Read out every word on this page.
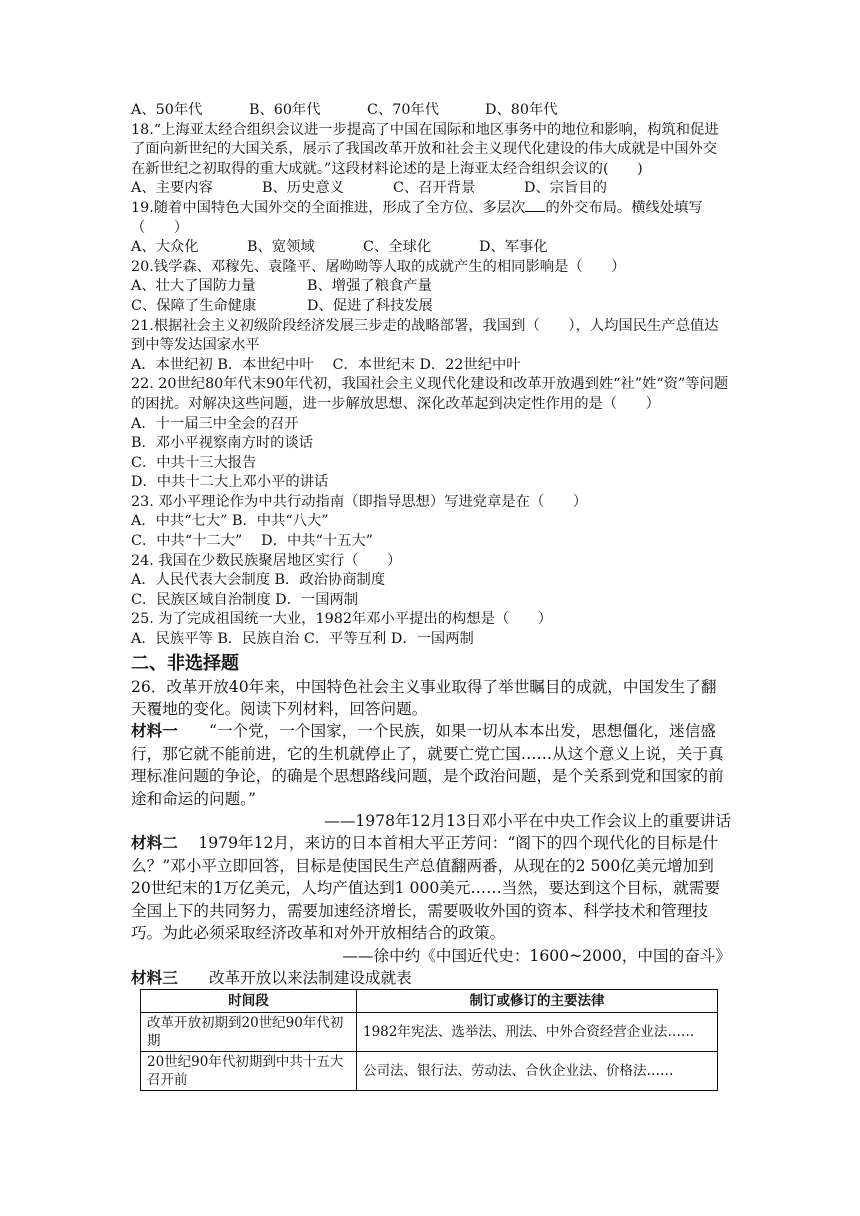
A、50年代	B、60年代	C、70年代	D、80年代
18.“上海亚太经合组织会议进一步提高了中国在国际和地区事务中的地位和影响，构筑和促进了面向新世纪的大国关系，展示了我国改革开放和社会主义现代化建设的伟大成就是中国外交在新世纪之初取得的重大成就。”这段材料论述的是上海亚太经合组织会议的(　　)
A、主要内容	B、历史意义	C、召开背景	D、宗旨目的
19.随着中国特色大国外交的全面推进，形成了全方位、多层次 的外交布局。横线处填写（　　）
A、大众化	B、宽领域	C、全球化	D、军事化
20.钱学森、邓稼先、袁隆平、屠呦呦等人取的成就产生的相同影响是（　　）
A、壮大了国防力量	B、增强了粮食产量
C、保障了生命健康	D、促进了科技发展
21.根据社会主义初级阶段经济发展三步走的战略部署，我国到（　　），人均国民生产总值达到中等发达国家水平
A．本世纪初 B．本世纪中叶　 C．本世纪末 D．22世纪中叶
22. 20世纪80年代末90年代初，我国社会主义现代化建设和改革开放遇到姓“社”姓“资”等问题的困扰。对解决这些问题，进一步解放思想、深化改革起到决定性作用的是（　　）
A．十一届三中全会的召开
B．邓小平视察南方时的谈话
C．中共十三大报告
D．中共十二大上邓小平的讲话
23. 邓小平理论作为中共行动指南（即指导思想）写进党章是在（　　）
A．中共“七大” B．中共“八大”
C．中共“十二大”　 D．中共“十五大”
24. 我国在少数民族聚居地区实行（　　）
A．人民代表大会制度 B．政治协商制度
C．民族区域自治制度 D．一国两制
25. 为了完成祖国统一大业，1982年邓小平提出的构想是（　　）
A．民族平等 B．民族自治 C．平等互利 D．一国两制
二、非选择题
26．改革开放40年来，中国特色社会主义事业取得了举世瞩目的成就，中国发生了翻天覆地的变化。阅读下列材料，回答问题。
材料一　　“一个党，一个国家，一个民族，如果一切从本本出发，思想僵化，迷信盛行，那它就不能前进，它的生机就停止了，就要亡党亡国……从这个意义上说，关于真理标准问题的争论，的确是个思想路线问题，是个政治问题，是个关系到党和国家的前途和命运的问题。”
——1978年12月13日邓小平在中央工作会议上的重要讲话
材料二　 1979年12月，来访的日本首相大平正芳问：“阁下的四个现代化的目标是什么？”邓小平立即回答，目标是使国民生产总值翻两番，从现在的2 500亿美元增加到20世纪末的1万亿美元，人均产值达到1 000美元……当然，要达到这个目标，就需要全国上下的共同努力，需要加速经济增长，需要吸收外国的资本、科学技术和管理技巧。为此必须采取经济改革和对外开放相结合的政策。
——徐中约《中国近代史：1600~2000，中国的奋斗》
材料三　　改革开放以来法制建设成就表
时间段	制订或修订的主要法律
改革开放初期到20世纪90年代初期	1982年宪法、选举法、刑法、中外合资经营企业法……
20世纪90年代初期到中共十五大召开前	公司法、银行法、劳动法、合伙企业法、价格法……
